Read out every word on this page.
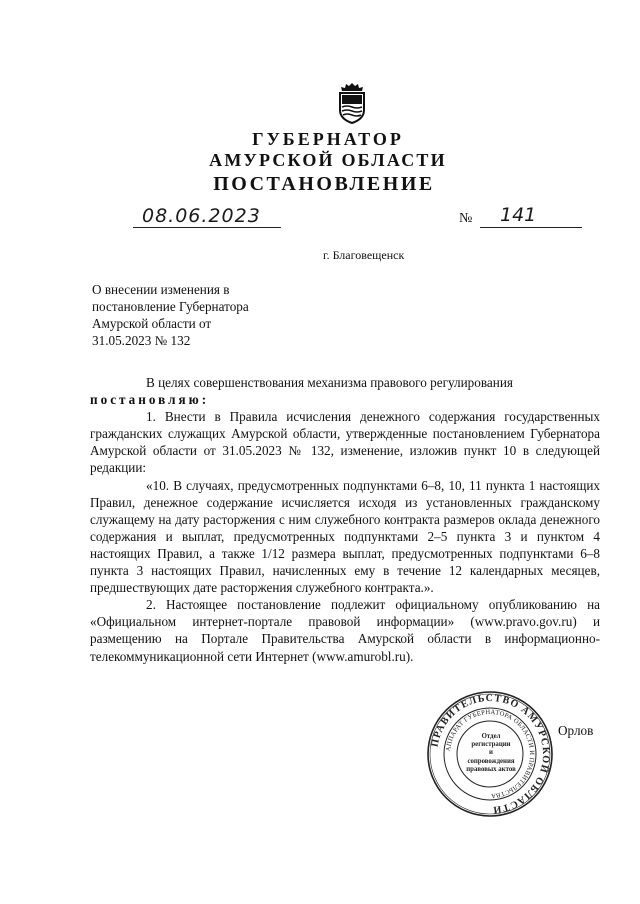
ГУБЕРНАТОР
АМУРСКОЙ ОБЛАСТИ
ПОСТАНОВЛЕНИЕ
08.06.2023	№ 141
г. Благовещенск
О внесении изменения в
постановление Губернатора
Амурской области от
31.05.2023 № 132

В целях совершенствования механизма правового регулирования

постановляю:

1. Внести в Правила исчисления денежного содержания государственных гражданских служащих Амурской области, утвержденные постановлением Губернатора Амурской области от 31.05.2023 № 132, изменение, изложив пункт 10 в следующей редакции:

«10. В случаях, предусмотренных подпунктами 6–8, 10, 11 пункта 1 настоящих Правил, денежное содержание исчисляется исходя из установленных гражданскому служащему на дату расторжения с ним служебного контракта размеров оклада денежного содержания и выплат, предусмотренных подпунктами 2–5 пункта 3 и пунктом 4 настоящих Правил, а также 1/12 размера выплат, предусмотренных подпунктами 6–8 пункта 3 настоящих Правил, начисленных ему в течение 12 календарных месяцев, предшествующих дате расторжения служебного контракта.».

2. Настоящее постановление подлежит официальному опубликованию на «Официальном интернет-портале правовой информации» (www.pravo.gov.ru) и размещению на Портале Правительства Амурской области в информационно-телекоммуникационной сети Интернет (www.amurobl.ru).

ПРАВИТЕЛЬСТВО АМУРСКОЙ ОБЛАСТИ
АППАРАТ ГУБЕРНАТОРА ОБЛАСТИ И ПРАВИТЕЛЬСТВА
Отдел
регистрации
и сопровождения
правовых актов
Орлов
